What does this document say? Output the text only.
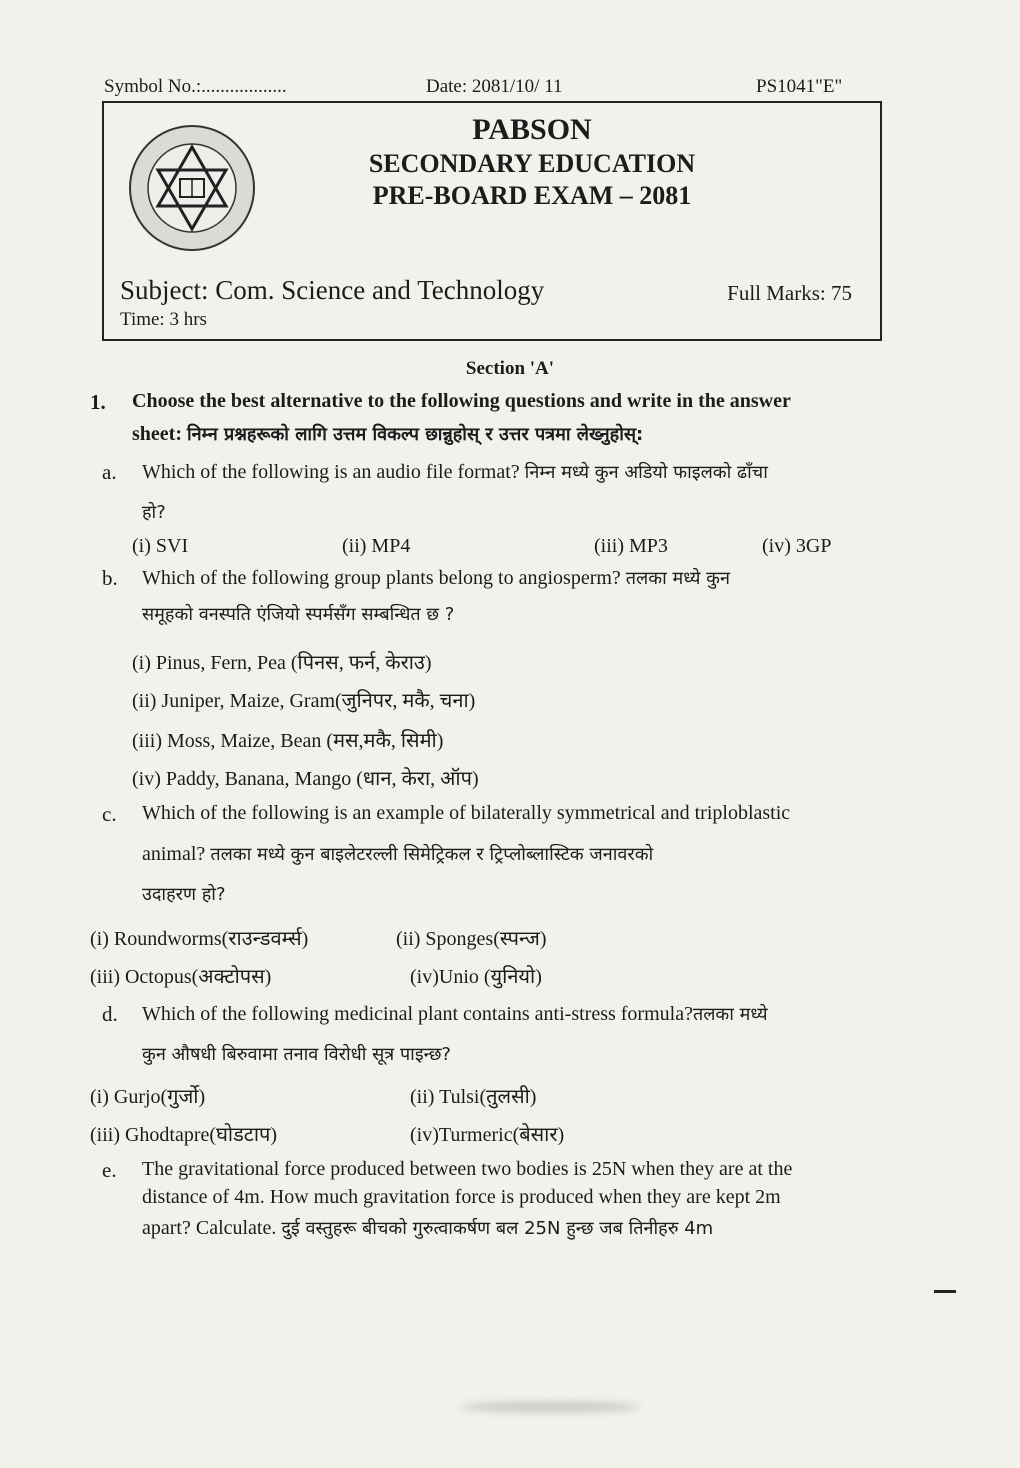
Symbol No.:..................	Date: 2081/10/ 11	PS1041"E"
PABSON
SECONDARY EDUCATION
PRE-BOARD EXAM – 2081
Subject: Com. Science and Technology	Full Marks: 75
Time: 3 hrs
Section 'A'
1. Choose the best alternative to the following questions and write in the answer
sheet: निम्न प्रश्नहरूको लागि उत्तम विकल्प छान्नुहोस् र उत्तर पत्रमा लेख्नुहोस्:
a. Which of the following is an audio file format? निम्न मध्ये कुन अडियो फाइलको ढाँचा
हो?
(i) SVI	(ii) MP4	(iii) MP3	(iv) 3GP
b. Which of the following group plants belong to angiosperm? तलका मध्ये कुन
समूहको वनस्पति एंजियो स्पर्मसँग सम्बन्धित छ ?
(i) Pinus, Fern, Pea (पिनस, फर्न, केराउ)
(ii) Juniper, Maize, Gram(जुनिपर, मकै, चना)
(iii) Moss, Maize, Bean (मस,मकै, सिमी)
(iv) Paddy, Banana, Mango (धान, केरा, ऑप)
c. Which of the following is an example of bilaterally symmetrical and triploblastic
animal? तलका मध्ये कुन बाइलेटरल्ली सिमेट्रिकल र ट्रिप्लोब्लास्टिक जनावरको
उदाहरण हो?
(i) Roundworms(राउन्डवर्म्स)	(ii) Sponges(स्पन्ज)
(iii) Octopus(अक्टोपस)	(iv)Unio (युनियो)
d. Which of the following medicinal plant contains anti-stress formula?तलका मध्ये
कुन औषधी बिरुवामा तनाव विरोधी सूत्र पाइन्छ?
(i) Gurjo(गुर्जो)	(ii) Tulsi(तुलसी)
(iii) Ghodtapre(घोडटाप)	(iv)Turmeric(बेसार)
e. The gravitational force produced between two bodies is 25N when they are at the
distance of 4m. How much gravitation force is produced when they are kept 2m
apart? Calculate. दुई वस्तुहरू बीचको गुरुत्वाकर्षण बल 25N हुन्छ जब तिनीहरु 4m
